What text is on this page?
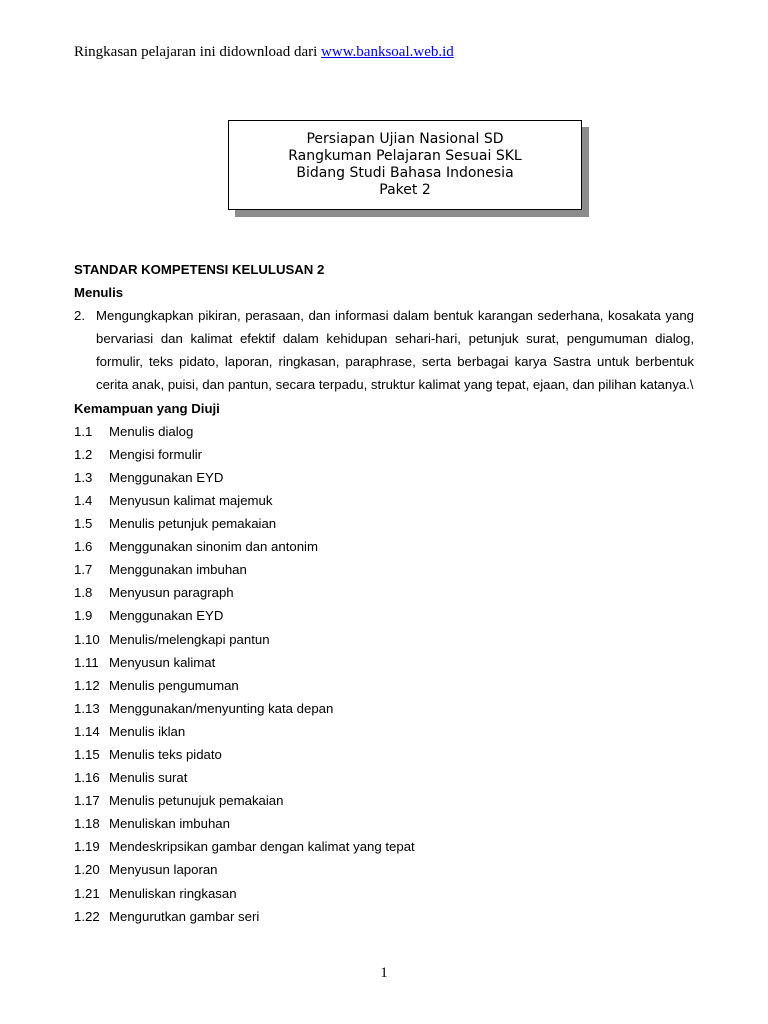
Ringkasan pelajaran ini didownload dari www.banksoal.web.id
Persiapan Ujian Nasional SD
Rangkuman Pelajaran Sesuai SKL
Bidang Studi Bahasa Indonesia
Paket 2
STANDAR KOMPETENSI KELULUSAN 2
Menulis
2. Mengungkapkan pikiran, perasaan, dan informasi dalam bentuk karangan sederhana, kosakata yang bervariasi dan kalimat efektif dalam kehidupan sehari-hari, petunjuk surat, pengumuman dialog, formulir, teks pidato, laporan, ringkasan, paraphrase, serta berbagai karya Sastra untuk berbentuk cerita anak, puisi, dan pantun, secara terpadu, struktur kalimat yang tepat, ejaan, dan pilihan katanya.\
Kemampuan yang Diuji
1.1	Menulis dialog
1.2	Mengisi formulir
1.3	Menggunakan EYD
1.4	Menyusun kalimat majemuk
1.5	Menulis petunjuk pemakaian
1.6	Menggunakan sinonim dan antonim
1.7	Menggunakan imbuhan
1.8	Menyusun paragraph
1.9	Menggunakan EYD
1.10 Menulis/melengkapi pantun
1.11 Menyusun kalimat
1.12 Menulis pengumuman
1.13 Menggunakan/menyunting kata depan
1.14 Menulis iklan
1.15 Menulis teks pidato
1.16 Menulis surat
1.17 Menulis petunujuk pemakaian
1.18 Menuliskan imbuhan
1.19 Mendeskripsikan gambar dengan kalimat yang tepat
1.20 Menyusun laporan
1.21 Menuliskan ringkasan
1.22 Mengurutkan gambar seri
1
